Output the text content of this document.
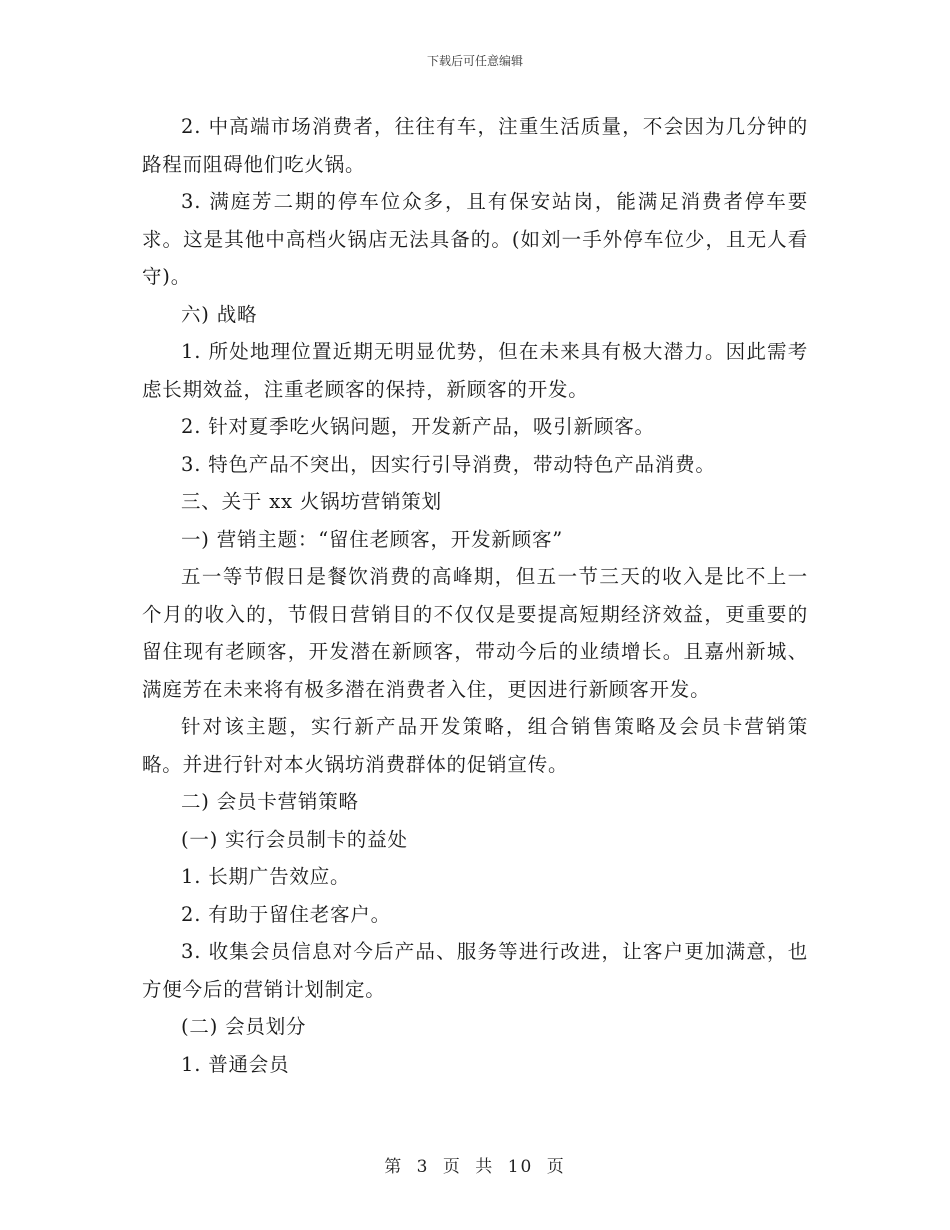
下载后可任意编辑

2. 中高端市场消费者，往往有车，注重生活质量，不会因为几分钟的路程而阻碍他们吃火锅。

3. 满庭芳二期的停车位众多，且有保安站岗，能满足消费者停车要求。这是其他中高档火锅店无法具备的。(如刘一手外停车位少，且无人看守)。

六) 战略

1. 所处地理位置近期无明显优势，但在未来具有极大潜力。因此需考虑长期效益，注重老顾客的保持，新顾客的开发。

2. 针对夏季吃火锅问题，开发新产品，吸引新顾客。

3. 特色产品不突出，因实行引导消费，带动特色产品消费。

三、关于 xx 火锅坊营销策划

一) 营销主题：“留住老顾客，开发新顾客”

五一等节假日是餐饮消费的高峰期，但五一节三天的收入是比不上一个月的收入的，节假日营销目的不仅仅是要提高短期经济效益，更重要的留住现有老顾客，开发潜在新顾客，带动今后的业绩增长。且嘉州新城、满庭芳在未来将有极多潜在消费者入住，更因进行新顾客开发。

针对该主题，实行新产品开发策略，组合销售策略及会员卡营销策略。并进行针对本火锅坊消费群体的促销宣传。

二) 会员卡营销策略

(一) 实行会员制卡的益处

1. 长期广告效应。

2. 有助于留住老客户。

3. 收集会员信息对今后产品、服务等进行改进，让客户更加满意，也方便今后的营销计划制定。

(二) 会员划分

1. 普通会员

第 3 页 共 10 页
